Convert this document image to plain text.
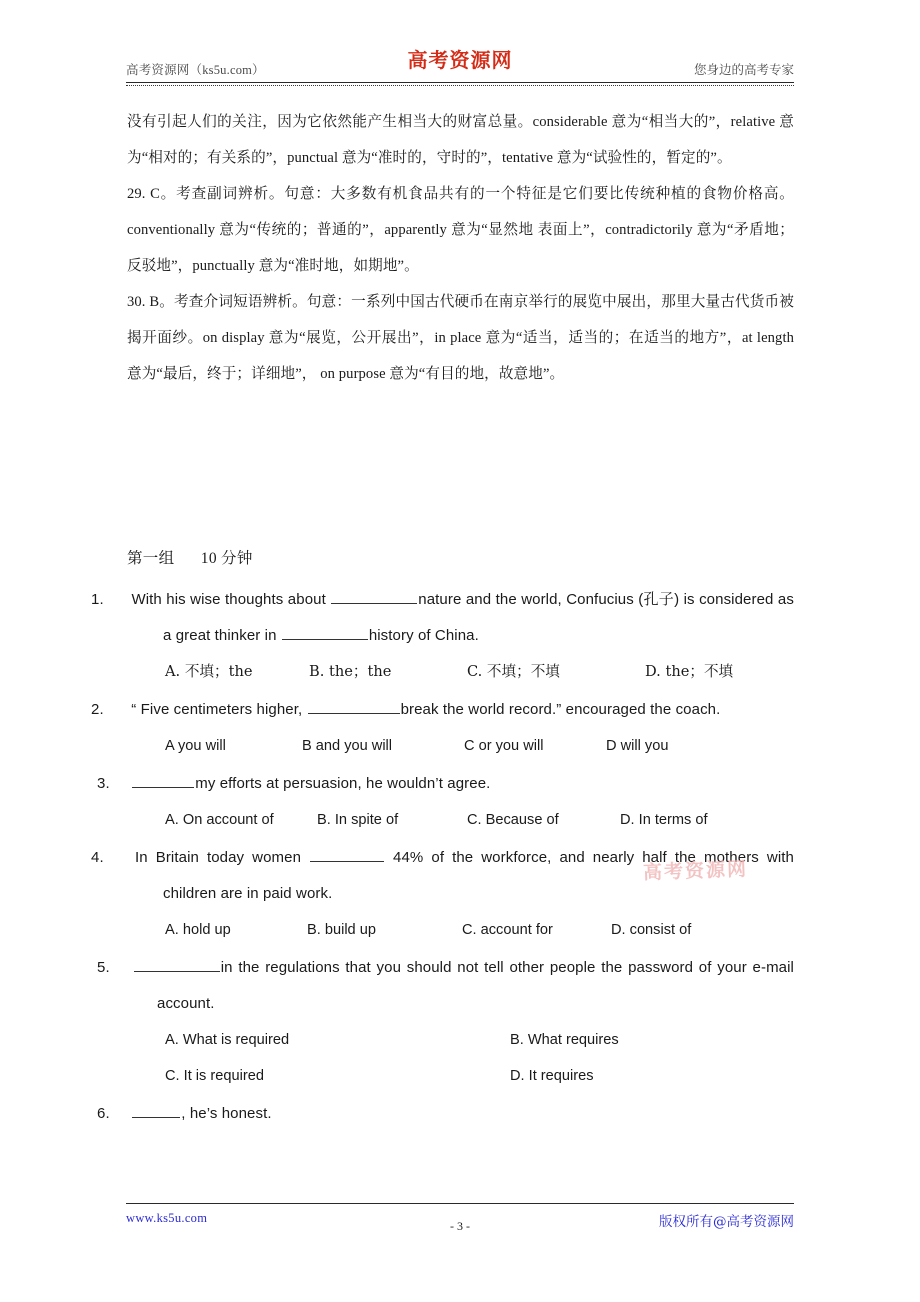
高考资源网（ks5u.com）	高考资源网	您身边的高考专家

没有引起人们的关注，因为它依然能产生相当大的财富总量。considerable 意为“相当大的”，relative 意为“相对的；有关系的”，punctual 意为“准时的，守时的”，tentative 意为“试验性的，暂定的”。

29. C。考查副词辨析。句意：大多数有机食品共有的一个特征是它们要比传统种植的食物价格高。conventionally 意为“传统的；普通的”，apparently 意为“显然地 表面上”，contradictorily 意为“矛盾地；反驳地”，punctually 意为“准时地，如期地”。

30. B。考查介词短语辨析。句意：一系列中国古代硬币在南京举行的展览中展出，那里大量古代货币被揭开面纱。on display 意为“展览，公开展出”，in place 意为“适当，适当的；在适当的地方”，at length 意为“最后，终于；详细地”， on purpose 意为“有目的地，故意地”。

第一组 10 分钟
1. With his wise thoughts about	nature and the world, Confucius (孔子) is considered as a great thinker in	history of China.
A. 不填；the	B. the；the	C. 不填；不填	D. the；不填
2. “ Five centimeters higher,	break the world record.” encouraged the coach.
A you will	B and you will	C or you will	D will you
3.	my efforts at persuasion, he wouldn’t agree.
A. On account of	B. In spite of	C. Because of	D. In terms of
4. In Britain today women	44% of the workforce, and nearly half the mothers with children are in paid work.
A. hold up	B. build up	C. account for	D. consist of
5.	in the regulations that you should not tell other people the password of your e-mail account.
A. What is required	B. What requires
C. It is required	D. It requires
6.	, he’s honest.
高考资源网
www.ks5u.com
- 3 -	版权所有@高考资源网
